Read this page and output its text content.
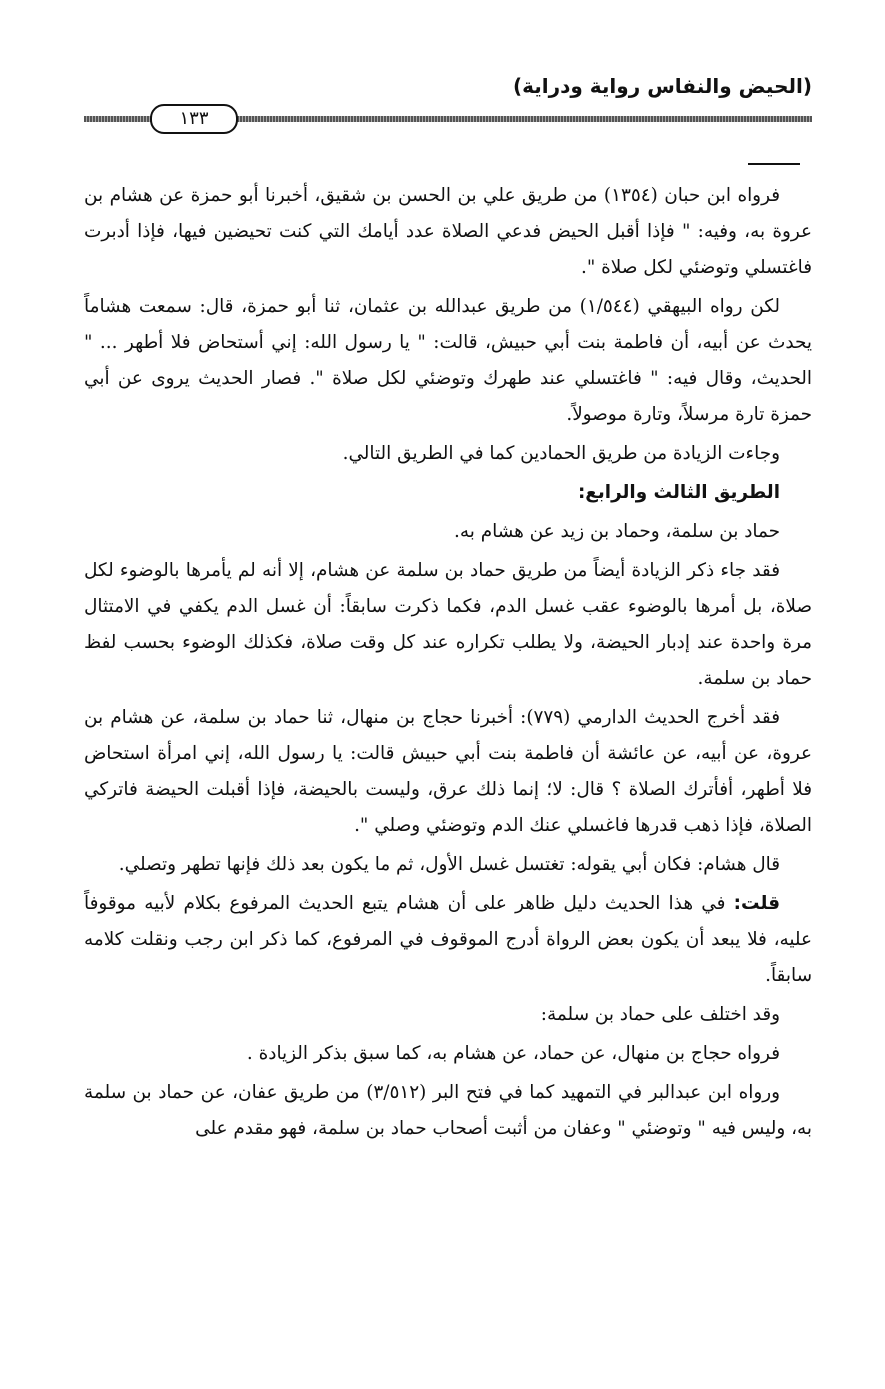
(الحيض والنفاس رواية ودراية)
١٣٣

فرواه ابن حبان (١٣٥٤) من طريق علي بن الحسن بن شقيق، أخبرنا أبو حمزة عن هشام بن عروة به، وفيه: " فإذا أقبل الحيض فدعي الصلاة عدد أيامك التي كنت تحيضين فيها، فإذا أدبرت فاغتسلي وتوضئي لكل صلاة ".

لكن رواه البيهقي (١/٥٤٤) من طريق عبدالله بن عثمان، ثنا أبو حمزة، قال: سمعت هشاماً يحدث عن أبيه، أن فاطمة بنت أبي حبيش، قالت: " يا رسول الله: إني أستحاض فلا أطهر ... " الحديث، وقال فيه: " فاغتسلي عند طهرك وتوضئي لكل صلاة ". فصار الحديث يروى عن أبي حمزة تارة مرسلاً، وتارة موصولاً.

وجاءت الزيادة من طريق الحمادين كما في الطريق التالي.

الطريق الثالث والرابع:

حماد بن سلمة، وحماد بن زيد عن هشام به.

فقد جاء ذكر الزيادة أيضاً من طريق حماد بن سلمة عن هشام، إلا أنه لم يأمرها بالوضوء لكل صلاة، بل أمرها بالوضوء عقب غسل الدم، فكما ذكرت سابقاً: أن غسل الدم يكفي في الامتثال مرة واحدة عند إدبار الحيضة، ولا يطلب تكراره عند كل وقت صلاة، فكذلك الوضوء بحسب لفظ حماد بن سلمة.

فقد أخرج الحديث الدارمي (٧٧٩): أخبرنا حجاج بن منهال، ثنا حماد بن سلمة، عن هشام بن عروة، عن أبيه، عن عائشة أن فاطمة بنت أبي حبيش قالت: يا رسول الله، إني امرأة استحاض فلا أطهر، أفأترك الصلاة ؟ قال: لا؛ إنما ذلك عرق، وليست بالحيضة، فإذا أقبلت الحيضة فاتركي الصلاة، فإذا ذهب قدرها فاغسلي عنك الدم وتوضئي وصلي ".

قال هشام: فكان أبي يقوله: تغتسل غسل الأول، ثم ما يكون بعد ذلك فإنها تطهر وتصلي.

قلت: في هذا الحديث دليل ظاهر على أن هشام يتبع الحديث المرفوع بكلام لأبيه موقوفاً عليه، فلا يبعد أن يكون بعض الرواة أدرج الموقوف في المرفوع، كما ذكر ابن رجب ونقلت كلامه سابقاً.

وقد اختلف على حماد بن سلمة:

فرواه حجاج بن منهال، عن حماد، عن هشام به، كما سبق بذكر الزيادة .

ورواه ابن عبدالبر في التمهيد كما في فتح البر (٣/٥١٢) من طريق عفان، عن حماد بن سلمة به، وليس فيه " وتوضئي " وعفان من أثبت أصحاب حماد بن سلمة، فهو مقدم على
